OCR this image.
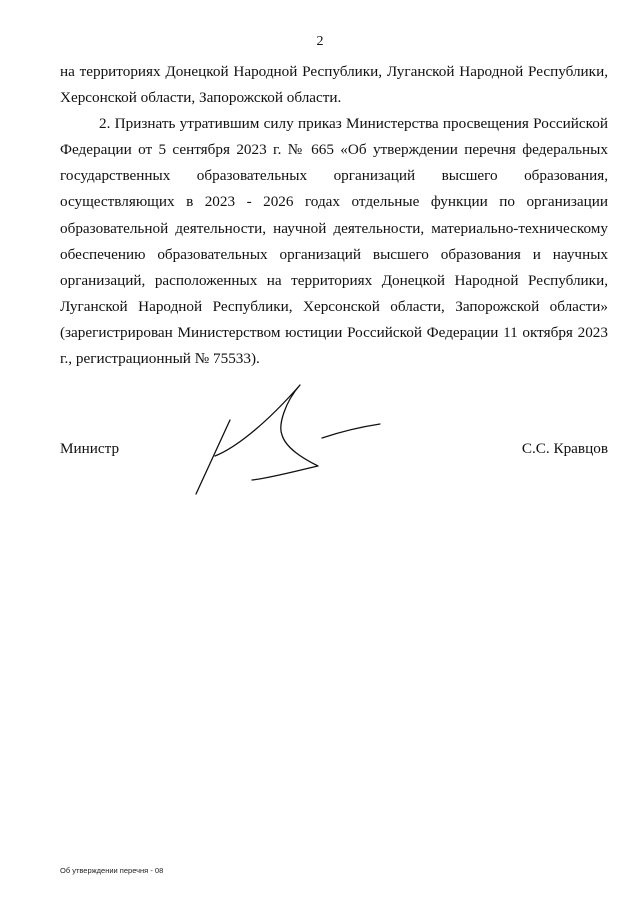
2

на территориях Донецкой Народной Республики, Луганской Народной Республики, Херсонской области, Запорожской области.

2. Признать утратившим силу приказ Министерства просвещения Российской Федерации от 5 сентября 2023 г. № 665 «Об утверждении перечня федеральных государственных образовательных организаций высшего образования, осуществляющих в 2023 - 2026 годах отдельные функции по организации образовательной деятельности, научной деятельности, материально-техническому обеспечению образовательных организаций высшего образования и научных организаций, расположенных на территориях Донецкой Народной Республики, Луганской Народной Республики, Херсонской области, Запорожской области» (зарегистрирован Министерством юстиции Российской Федерации 11 октября 2023 г., регистрационный № 75533).

Министр	С.С. Кравцов
Об утверждении перечня - 08
